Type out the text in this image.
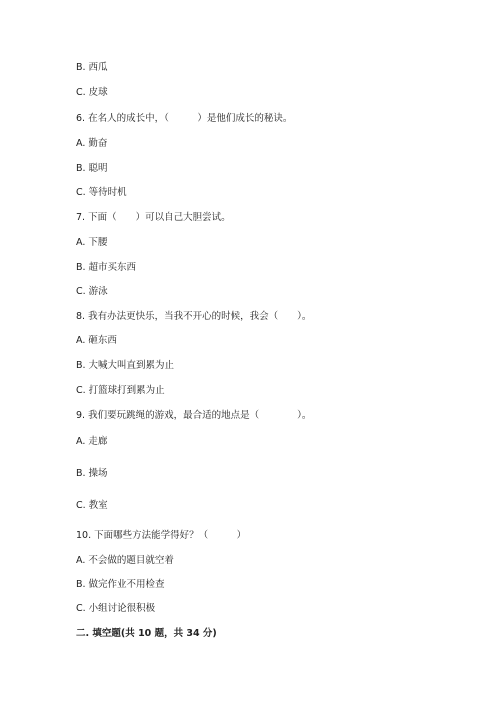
B. 西瓜
C. 皮球
6. 在名人的成长中，（　　　）是他们成长的秘诀。
A. 勤奋
B. 聪明
C. 等待时机
7. 下面（　　）可以自己大胆尝试。
A. 下腰
B. 超市买东西
C. 游泳
8. 我有办法更快乐，当我不开心的时候，我会（　　）。
A. 砸东西
B. 大喊大叫直到累为止
C. 打篮球打到累为止
9. 我们要玩跳绳的游戏，最合适的地点是（　　　　）。
A. 走廊
B. 操场
C. 教室
10. 下面哪些方法能学得好？（　　　）
A. 不会做的题目就空着
B. 做完作业不用检查
C. 小组讨论很积极
二. 填空题(共 10 题，共 34 分)
